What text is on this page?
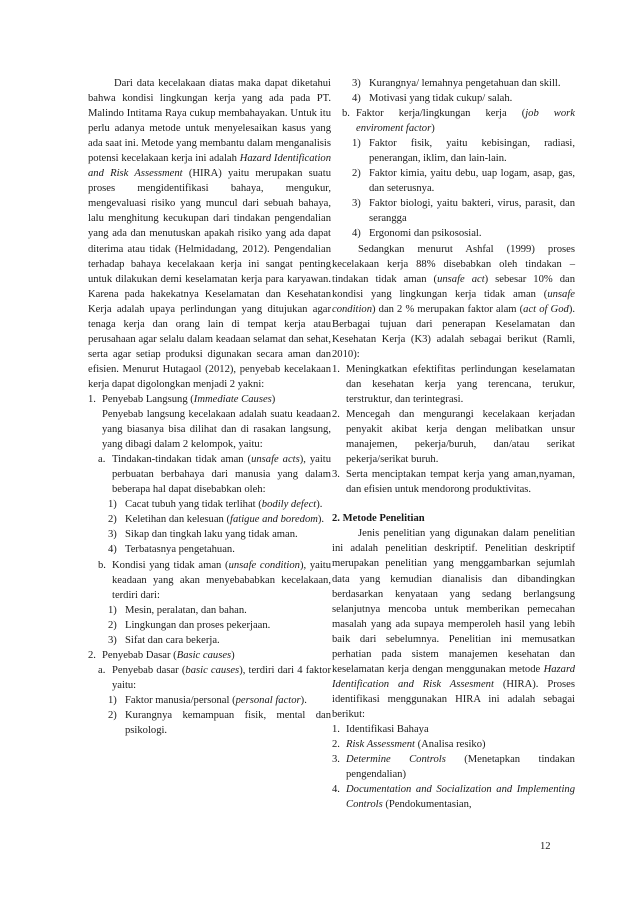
Dari data kecelakaan diatas maka dapat diketahui bahwa kondisi lingkungan kerja yang ada pada PT. Malindo Intitama Raya cukup membahayakan. Untuk itu perlu adanya metode untuk menyelesaikan kasus yang ada saat ini. Metode yang membantu dalam menganalisis potensi kecelakaan kerja ini adalah Hazard Identification and Risk Assessment (HIRA) yaitu merupakan suatu proses mengidentifikasi bahaya, mengukur, mengevaluasi risiko yang muncul dari sebuah bahaya, lalu menghitung kecukupan dari tindakan pengendalian yang ada dan menutuskan apakah risiko yang ada dapat diterima atau tidak (Helmidadang, 2012). Pengendalian terhadap bahaya kecelakaan kerja ini sangat penting untuk dilakukan demi keselamatan kerja para karyawan. Karena pada hakekatnya Keselamatan dan Kesehatan Kerja adalah upaya perlindungan yang ditujukan agar tenaga kerja dan orang lain di tempat kerja atau perusahaan agar selalu dalam keadaan selamat dan sehat, serta agar setiap produksi digunakan secara aman dan efisien. Menurut Hutagaol (2012), penyebab kecelakaan kerja dapat digolongkan menjadi 2 yakni:

1. Penyebab Langsung (Immediate Causes)

Penyebab langsung kecelakaan adalah suatu keadaan yang biasanya bisa dilihat dan di rasakan langsung, yang dibagi dalam 2 kelompok, yaitu:

a. Tindakan-tindakan tidak aman (unsafe acts), yaitu perbuatan berbahaya dari manusia yang dalam beberapa hal dapat disebabkan oleh:
1) Cacat tubuh yang tidak terlihat (bodily defect).
2) Keletihan dan kelesuan (fatigue and boredom).
3) Sikap dan tingkah laku yang tidak aman.
4) Terbatasnya pengetahuan.
b. Kondisi yang tidak aman (unsafe condition), yaitu keadaan yang akan menyebababkan kecelakaan, terdiri dari:
1) Mesin, peralatan, dan bahan.
2) Lingkungan dan proses pekerjaan.
3) Sifat dan cara bekerja.
2. Penyebab Dasar (Basic causes)
a. Penyebab dasar (basic causes), terdiri dari 4 faktor yaitu:
1) Faktor manusia/personal (personal factor).
2) Kurangnya kemampuan fisik, mental dan psikologi.
3) Kurangnya/ lemahnya pengetahuan dan skill.
4) Motivasi yang tidak cukup/ salah.
b. Faktor kerja/lingkungan kerja (job work enviroment factor)
1) Faktor fisik, yaitu kebisingan, radiasi, penerangan, iklim, dan lain-lain.
2) Faktor kimia, yaitu debu, uap logam, asap, gas, dan seterusnya.
3) Faktor biologi, yaitu bakteri, virus, parasit, dan serangga
4) Ergonomi dan psikososial.

Sedangkan menurut Ashfal (1999) proses kecelakaan kerja 88% disebabkan oleh tindakan – tindakan tidak aman (unsafe act) sebesar 10% dan kondisi yang lingkungan kerja tidak aman (unsafe condition) dan 2 % merupakan faktor alam (act of God). Berbagai tujuan dari penerapan Keselamatan dan Kesehatan Kerja (K3) adalah sebagai berikut (Ramli, 2010):

1. Meningkatkan efektifitas perlindungan keselamatan dan kesehatan kerja yang terencana, terukur, terstruktur, dan terintegrasi.
2. Mencegah dan mengurangi kecelakaan kerjadan penyakit akibat kerja dengan melibatkan unsur manajemen, pekerja/buruh, dan/atau serikat pekerja/serikat buruh.
3. Serta menciptakan tempat kerja yang aman,nyaman, dan efisien untuk mendorong produktivitas.

2. Metode Penelitian

Jenis penelitian yang digunakan dalam penelitian ini adalah penelitian deskriptif. Penelitian deskriptif merupakan penelitian yang menggambarkan sejumlah data yang kemudian dianalisis dan dibandingkan berdasarkan kenyataan yang sedang berlangsung selanjutnya mencoba untuk memberikan pemecahan masalah yang ada supaya memperoleh hasil yang lebih baik dari sebelumnya. Penelitian ini memusatkan perhatian pada sistem manajemen kesehatan dan keselamatan kerja dengan menggunakan metode Hazard Identification and Risk Assesment (HIRA). Proses identifikasi menggunakan HIRA ini adalah sebagai berikut:

1. Identifikasi Bahaya
2. Risk Assessment (Analisa resiko)
3. Determine Controls (Menetapkan tindakan pengendalian)
4. Documentation and Socialization and Implementing Controls (Pendokumentasian,
12
